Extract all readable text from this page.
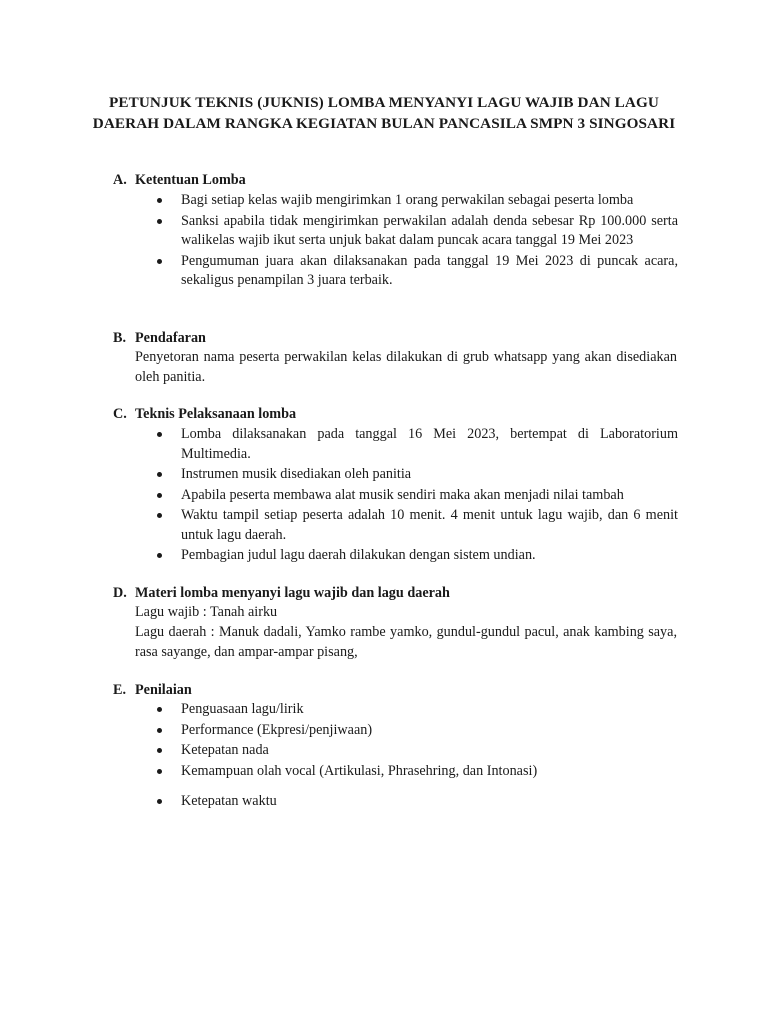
PETUNJUK TEKNIS (JUKNIS) LOMBA MENYANYI LAGU WAJIB DAN LAGU
DAERAH DALAM RANGKA KEGIATAN BULAN PANCASILA SMPN 3 SINGOSARI
A. Ketentuan Lomba
Bagi setiap kelas wajib mengirimkan 1 orang perwakilan sebagai peserta lomba
Sanksi apabila tidak mengirimkan perwakilan adalah denda sebesar Rp 100.000 serta walikelas wajib ikut serta unjuk bakat dalam puncak acara tanggal 19 Mei 2023
Pengumuman juara akan dilaksanakan pada tanggal 19 Mei 2023 di puncak acara, sekaligus penampilan 3 juara terbaik.
B. Pendafaran
Penyetoran nama peserta perwakilan kelas dilakukan di grub whatsapp yang akan disediakan oleh panitia.
C. Teknis Pelaksanaan lomba
Lomba dilaksanakan pada tanggal 16 Mei 2023, bertempat di Laboratorium Multimedia.
Instrumen musik disediakan oleh panitia
Apabila peserta membawa alat musik sendiri maka akan menjadi nilai tambah
Waktu tampil setiap peserta adalah 10 menit. 4 menit untuk lagu wajib, dan 6 menit untuk lagu daerah.
Pembagian judul lagu daerah dilakukan dengan sistem undian.
D. Materi lomba menyanyi lagu wajib dan lagu daerah
Lagu wajib : Tanah airku
Lagu daerah : Manuk dadali, Yamko rambe yamko, gundul-gundul pacul, anak kambing saya, rasa sayange, dan ampar-ampar pisang,
E. Penilaian
Penguasaan lagu/lirik
Performance (Ekpresi/penjiwaan)
Ketepatan nada
Kemampuan olah vocal (Artikulasi, Phrasehring, dan Intonasi)
Ketepatan waktu
